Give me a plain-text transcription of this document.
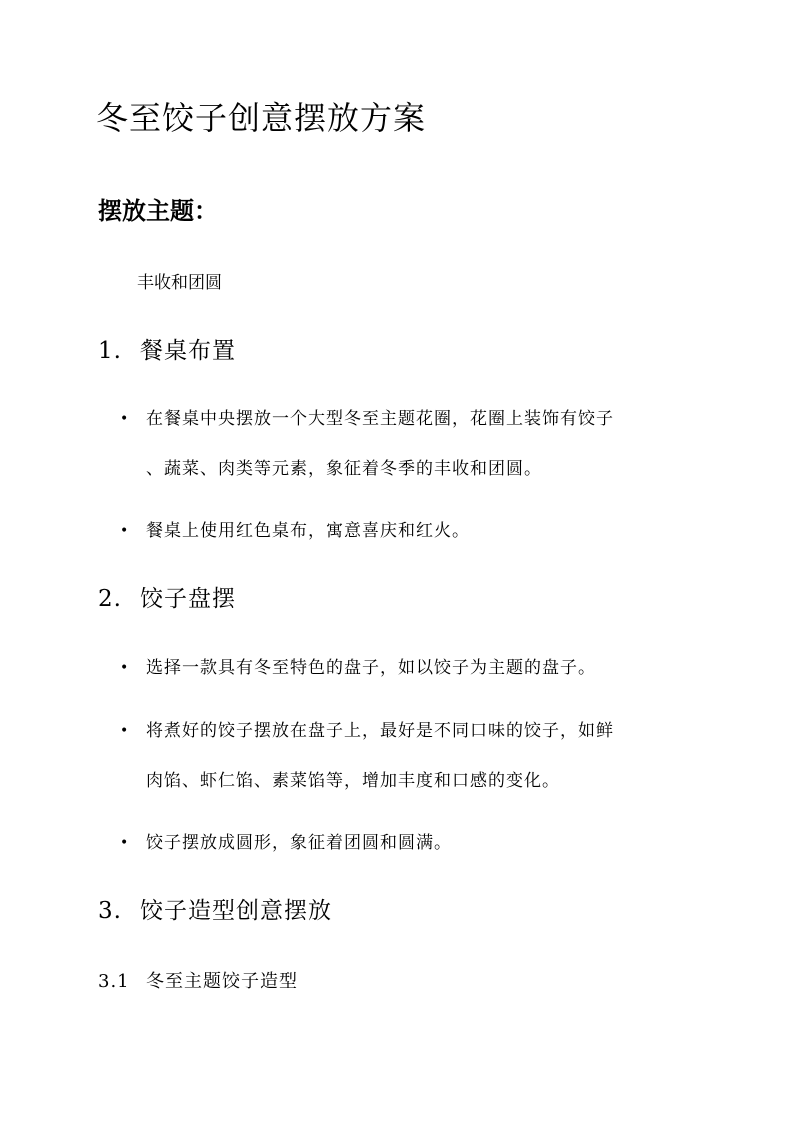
冬至饺子创意摆放方案
摆放主题：

丰收和团圆

1. 餐桌布置
•	在餐桌中央摆放一个大型冬至主题花圈，花圈上装饰有饺子
、蔬菜、肉类等元素，象征着冬季的丰收和团圆。
•	餐桌上使用红色桌布，寓意喜庆和红火。
2. 饺子盘摆
•	选择一款具有冬至特色的盘子，如以饺子为主题的盘子。
•	将煮好的饺子摆放在盘子上，最好是不同口味的饺子，如鲜
肉馅、虾仁馅、素菜馅等，增加丰度和口感的变化。
•	饺子摆放成圆形，象征着团圆和圆满。
3. 饺子造型创意摆放
3.1 冬至主题饺子造型
